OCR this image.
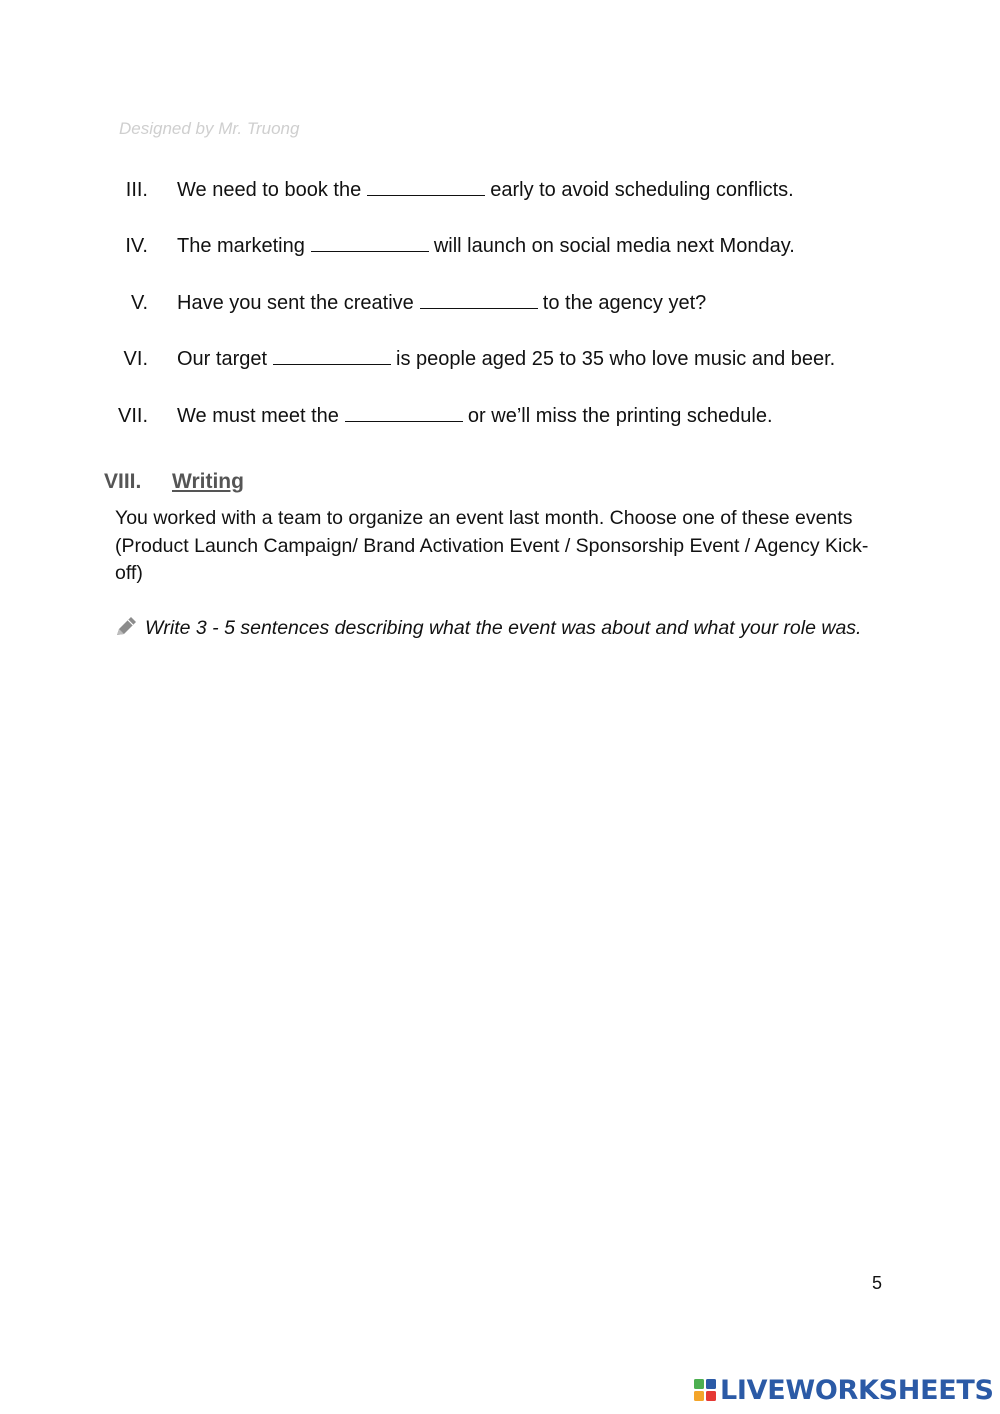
Designed by Mr. Truong
III. We need to book the	early to avoid scheduling conflicts.
IV. The marketing	will launch on social media next Monday.
V. Have you sent the creative	to the agency yet?
VI. Our target	is people aged 25 to 35 who love music and beer.
VII. We must meet the	or we’ll miss the printing schedule.
VIII. Writing
You worked with a team to organize an event last month. Choose one of these events (Product Launch Campaign/ Brand Activation Event / Sponsorship Event / Agency Kick-off)
Write 3 - 5 sentences describing what the event was about and what your role was.
5
LIVEWORKSHEETS
